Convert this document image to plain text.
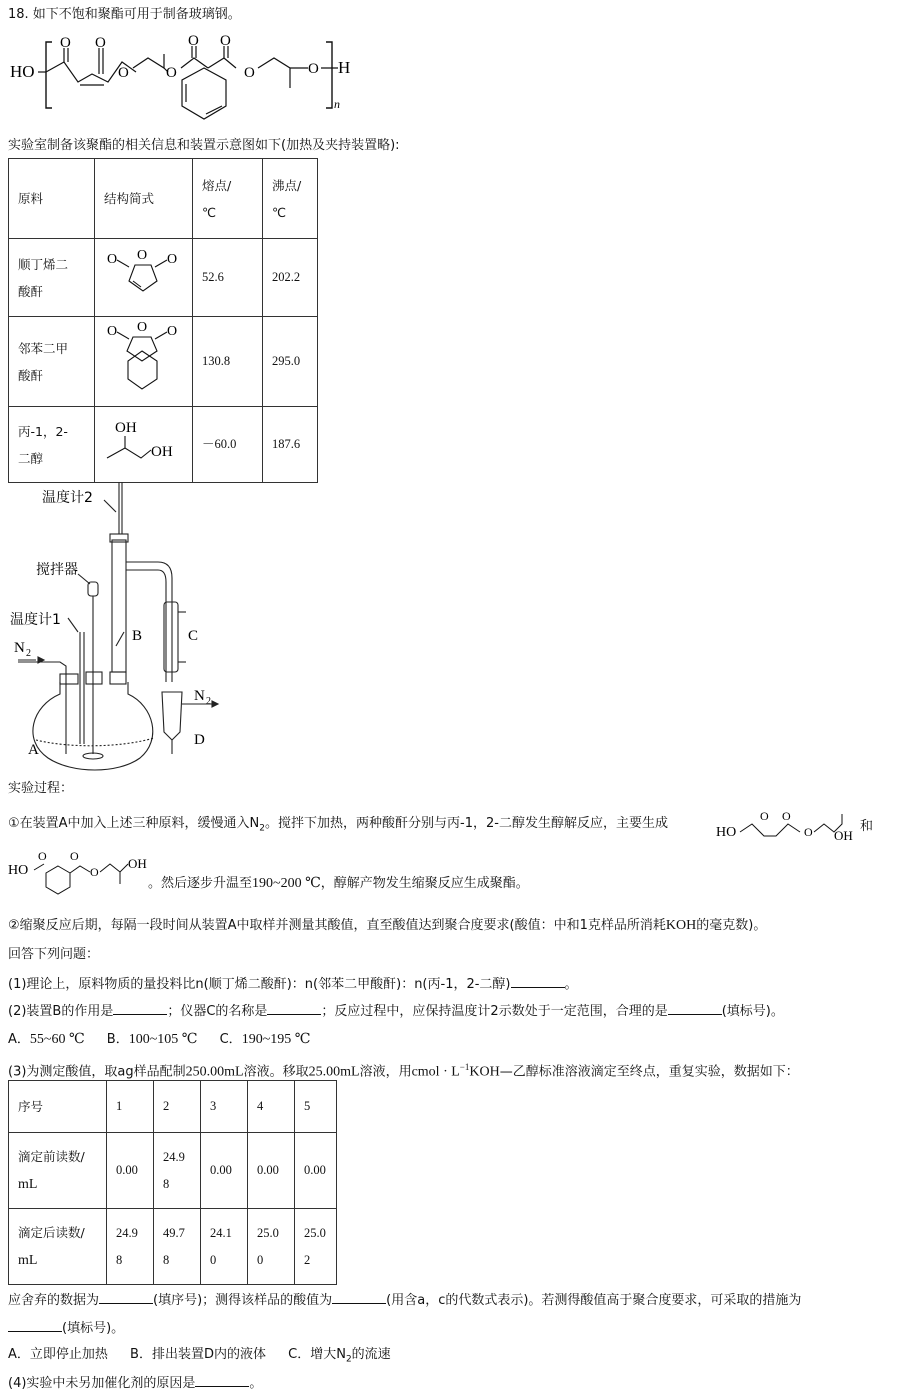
18. 如下不饱和聚酯可用于制备玻璃钢。
HO
O O
O O
O O
O	O H
n
实验室制备该聚酯的相关信息和装置示意图如下(加热及夹持装置略):
原料	结构简式	熔点/
℃	沸点/
℃
顺丁烯二
酸酐	O O O	52.6	202.2
邻苯二甲
酸酐	O O O	130.8	295.0
丙-1，2-
二醇	OH
OH	－60.0	187.6
温度计2
搅拌器
温度计1
N 2
N 2
A
B	C
D
实验过程：
①在装置A中加入上述三种原料，缓慢通入$N_2$。搅拌下加热，两种酸酐分别与丙-1，2-二醇发生醇解反应，主要生成
HO
O O
O OH
和
HO
O O
O
OH
。然后逐步升温至190~200 ℃，醇解产物发生缩聚反应生成聚酯。
②缩聚反应后期，每隔一段时间从装置A中取样并测量其酸值，直至酸值达到聚合度要求(酸值：中和1克样品所消耗KOH的毫克数)。
回答下列问题：
(1)理论上，原料物质的量投料比n(顺丁烯二酸酐)：n(邻苯二甲酸酐)：n(丙-1，2-二醇)	。
(2)装置B的作用是	；仪器C的名称是	；反应过程中，应保持温度计2示数处于一定范围，合理的是	(填标号)。
A．55~60 ℃ B．100~105 ℃ C．190~195 ℃
(3)为测定酸值，取ag样品配制250.00mL溶液。移取25.00mL溶液，用cmol · $L^{-1}KOH—$乙醇标准溶液滴定至终点，重复实验，数据如下：
序号	1	2	3	4	5
滴定前读数/
mL	0.00	24.9
8	0.00	0.00	0.00
滴定后读数/
mL	24.9
8	49.7
8	24.1
0	25.0
0	25.0
2
应舍弃的数据为	(填序号)；测得该样品的酸值为	(用含a，c的代数式表示)。若测得酸值高于聚合度要求，可采取的措施为
(填标号)。
A．立即停止加热 B．排出装置D内的液体 C．增大$N_2$的流速
(4)实验中未另加催化剂的原因是	。
